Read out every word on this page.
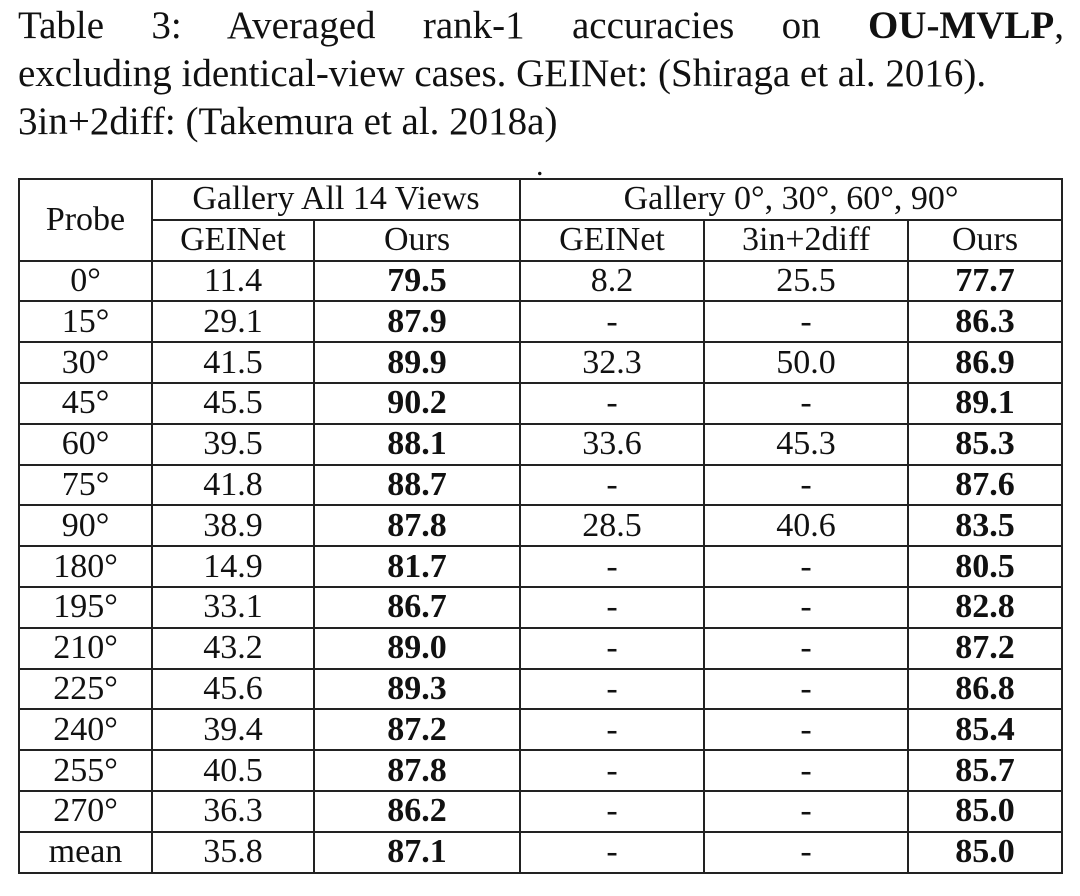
Table 3: Averaged rank-1 accuracies on OU-MVLP,
excluding identical-view cases. GEINet: (Shiraga et al. 2016).
3in+2diff: (Takemura et al. 2018a)
.
Probe	Gallery All 14 Views		Gallery 0°, 30°, 60°, 90°		
	GEINet	Ours	GEINet	3in+2diff	Ours
0°	11.4	79.5	8.2	25.5	77.7
15°	29.1	87.9	-	-	86.3
30°	41.5	89.9	32.3	50.0	86.9
45°	45.5	90.2	-	-	89.1
60°	39.5	88.1	33.6	45.3	85.3
75°	41.8	88.7	-	-	87.6
90°	38.9	87.8	28.5	40.6	83.5
180°	14.9	81.7	-	-	80.5
195°	33.1	86.7	-	-	82.8
210°	43.2	89.0	-	-	87.2
225°	45.6	89.3	-	-	86.8
240°	39.4	87.2	-	-	85.4
255°	40.5	87.8	-	-	85.7
270°	36.3	86.2	-	-	85.0
mean	35.8	87.1	-	-	85.0
